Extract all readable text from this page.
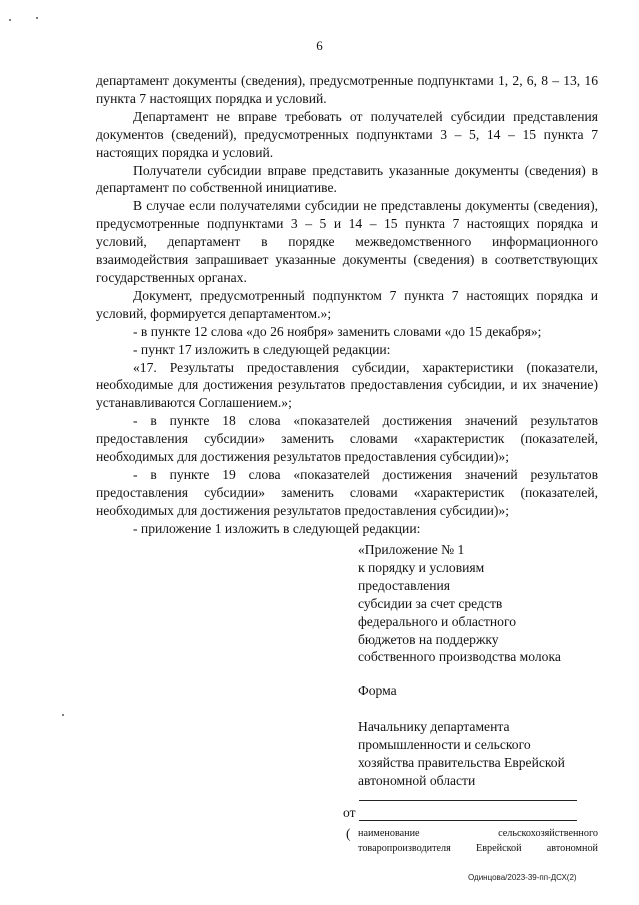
6

департамент документы (сведения), предусмотренные подпунктами 1, 2, 6, 8 – 13, 16 пункта 7 настоящих порядка и условий.

Департамент не вправе требовать от получателей субсидии представления документов (сведений), предусмотренных подпунктами 3 – 5, 14 – 15 пункта 7 настоящих порядка и условий.

Получатели субсидии вправе представить указанные документы (сведения) в департамент по собственной инициативе.

В случае если получателями субсидии не представлены документы (сведения), предусмотренные подпунктами 3 – 5 и 14 – 15 пункта 7 настоящих порядка и условий, департамент в порядке межведомственного информационного взаимодействия запрашивает указанные документы (сведения) в соответствующих государственных органах.

Документ, предусмотренный подпунктом 7 пункта 7 настоящих порядка и условий, формируется департаментом.»;

- в пункте 12 слова «до 26 ноября» заменить словами «до 15 декабря»;

- пункт 17 изложить в следующей редакции:

«17. Результаты предоставления субсидии, характеристики (показатели, необходимые для достижения результатов предоставления субсидии, и их значение) устанавливаются Соглашением.»;

- в пункте 18 слова «показателей достижения значений результатов предоставления субсидии» заменить словами «характеристик (показателей, необходимых для достижения результатов предоставления субсидии)»;

- в пункте 19 слова «показателей достижения значений результатов предоставления субсидии» заменить словами «характеристик (показателей, необходимых для достижения результатов предоставления субсидии)»;

- приложение 1 изложить в следующей редакции:

«Приложение № 1
к порядку и условиям
предоставления
субсидии за счет средств
федерального и областного
бюджетов на поддержку
собственного производства молока
Форма
Начальнику департамента
промышленности и сельского
хозяйства правительства Еврейской
автономной области
от
( наименование сельскохозяйственного
товаропроизводителя Еврейской автономной
Одинцова/2023-39-пп-ДСХ(2)
